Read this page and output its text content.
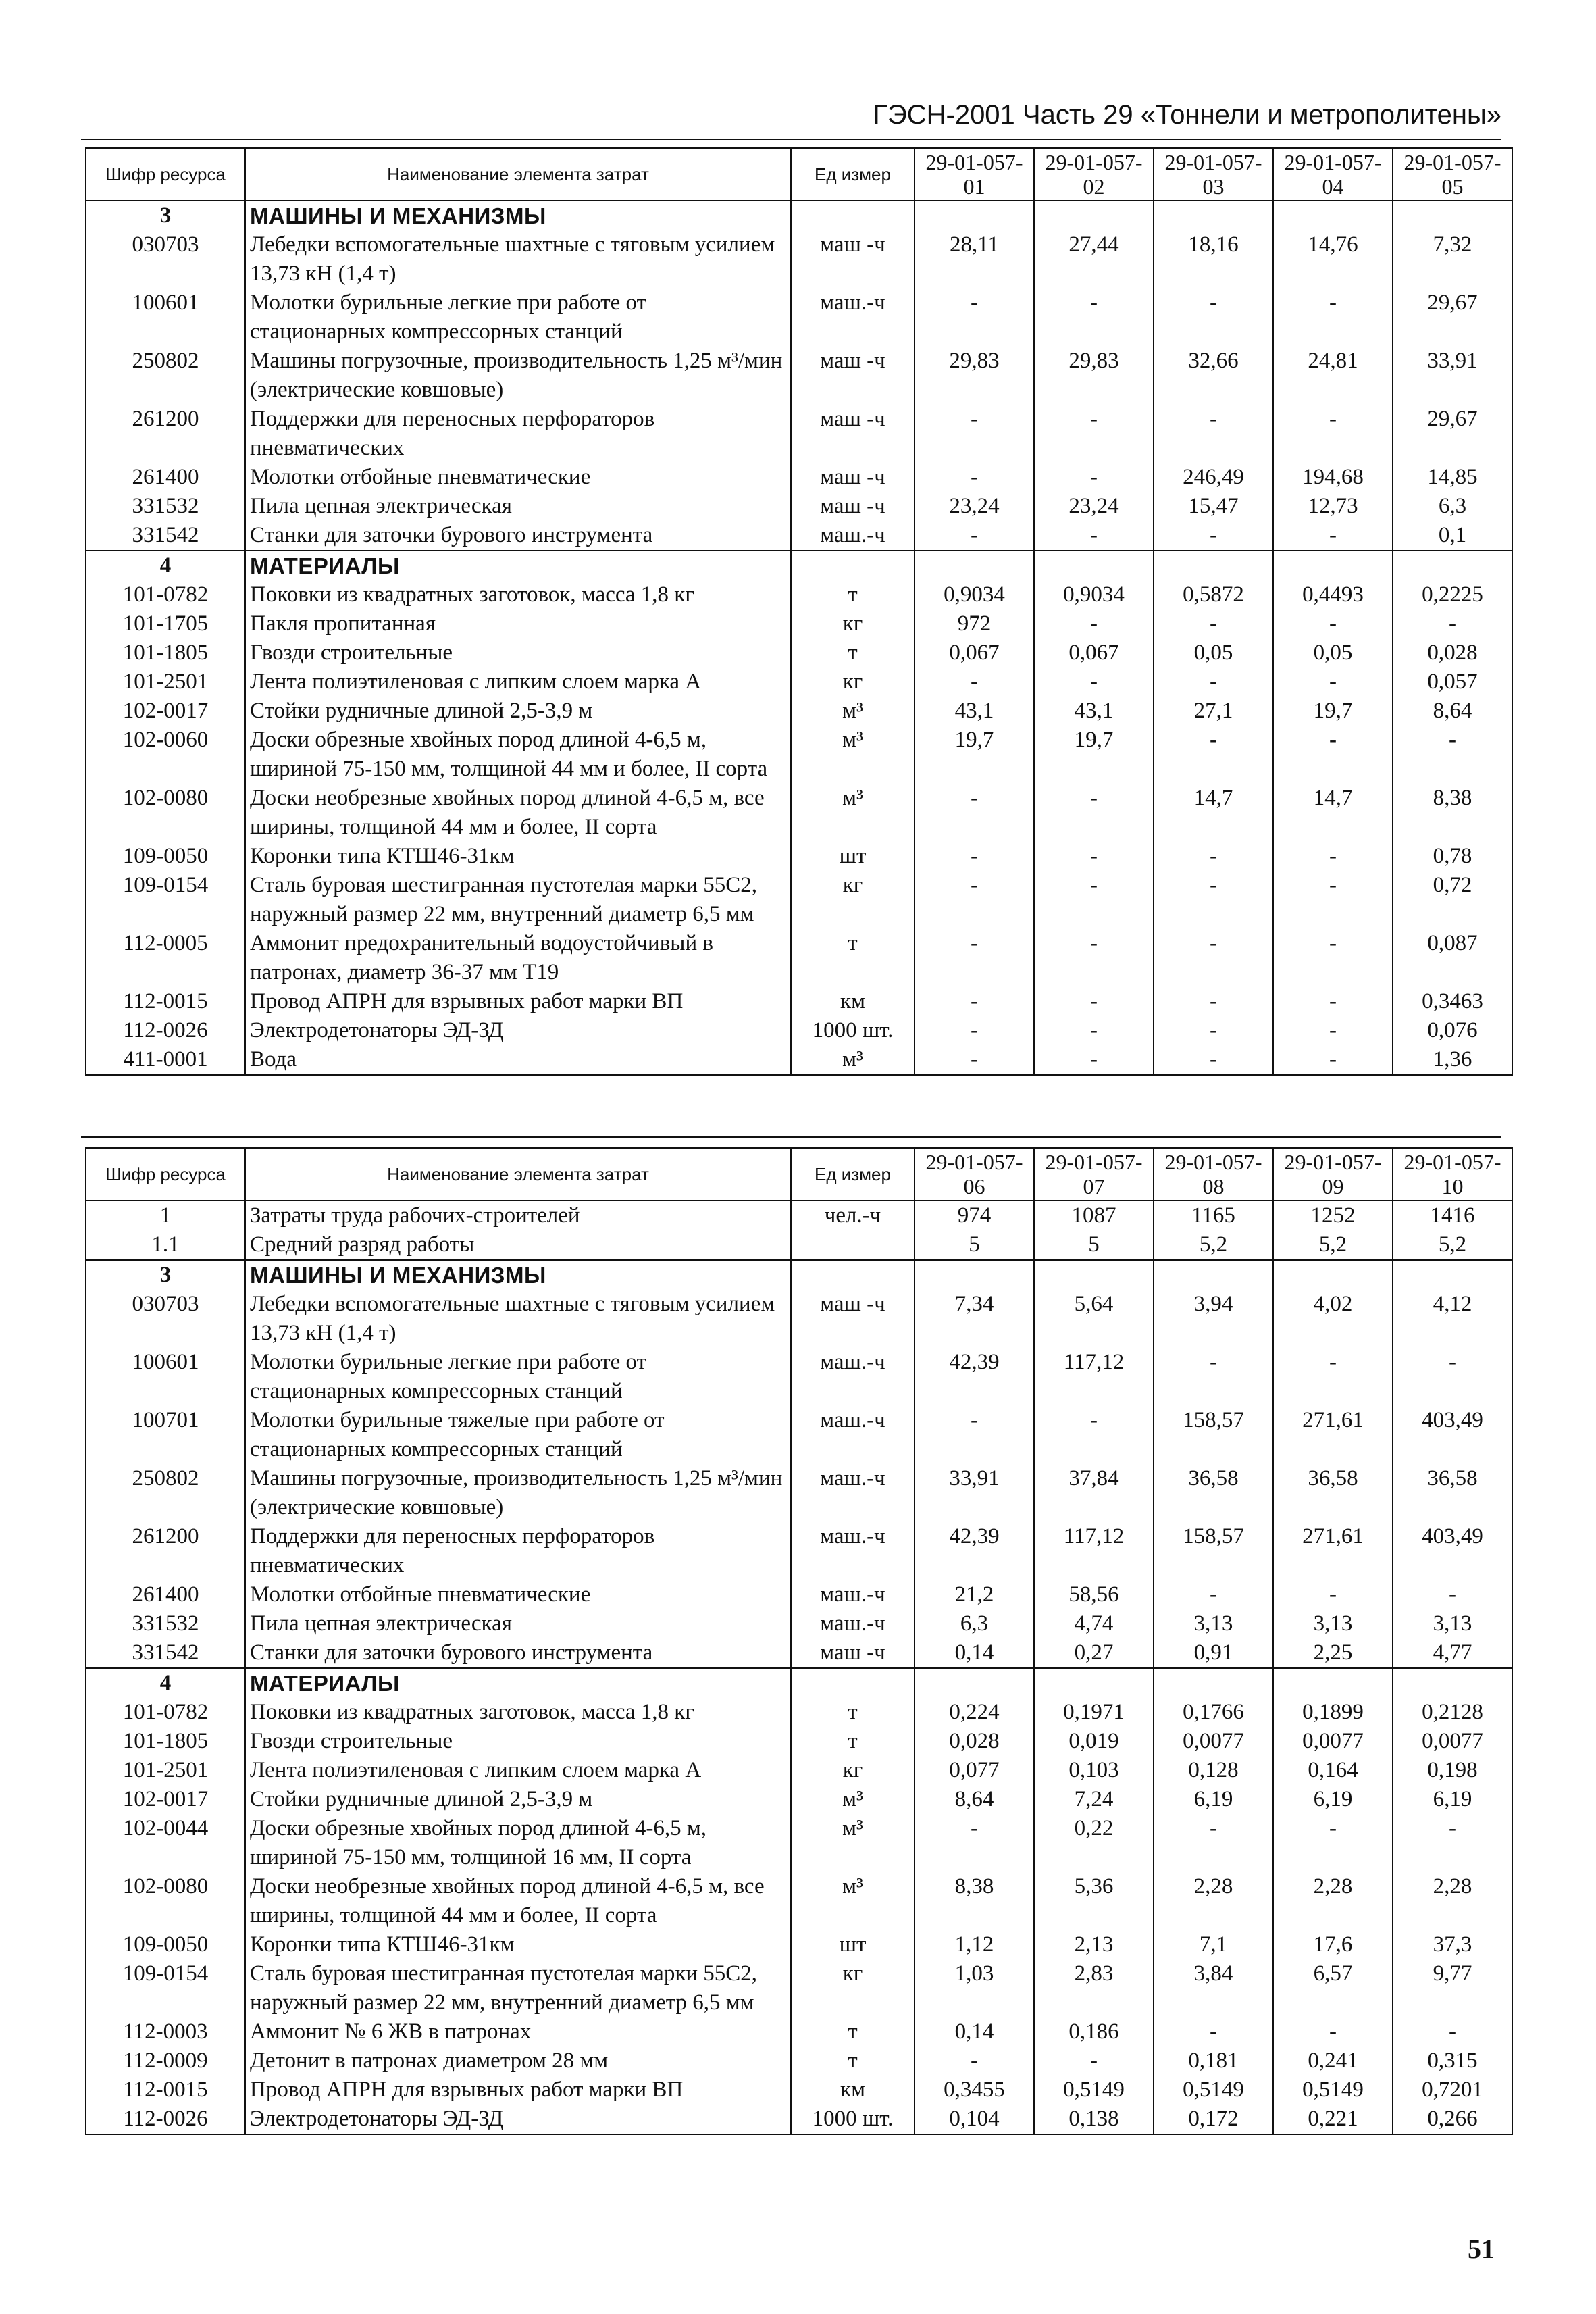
ГЭСН-2001 Часть 29 «Тоннели и метрополитены»
Шифр ресурса	Наименование элемента затрат	Ед измер	29-01-057-01	29-01-057-02	29-01-057-03	29-01-057-04	29-01-057-05
3	МАШИНЫ И МЕХАНИЗМЫ						
030703	Лебедки вспомогательные шахтные с тяговым усилием 13,73 кН (1,4 т)	маш -ч	28,11	27,44	18,16	14,76	7,32
100601	Молотки бурильные легкие при работе от стационарных компрессорных станций	маш.-ч	-	-	-	-	29,67
250802	Машины погрузочные, производительность 1,25 м³/мин (электрические ковшовые)	маш -ч	29,83	29,83	32,66	24,81	33,91
261200	Поддержки для переносных перфораторов пневматических	маш -ч	-	-	-	-	29,67
261400	Молотки отбойные пневматические	маш -ч	-	-	246,49	194,68	14,85
331532	Пила цепная электрическая	маш -ч	23,24	23,24	15,47	12,73	6,3
331542	Станки для заточки бурового инструмента	маш.-ч	-	-	-	-	0,1
4	МАТЕРИАЛЫ						
101-0782	Поковки из квадратных заготовок, масса 1,8 кг	т	0,9034	0,9034	0,5872	0,4493	0,2225
101-1705	Пакля пропитанная	кг	972	-	-	-	-
101-1805	Гвозди строительные	т	0,067	0,067	0,05	0,05	0,028
101-2501	Лента полиэтиленовая с липким слоем марка А	кг	-	-	-	-	0,057
102-0017	Стойки рудничные длиной 2,5-3,9 м	м³	43,1	43,1	27,1	19,7	8,64
102-0060	Доски обрезные хвойных пород длиной 4-6,5 м, шириной 75-150 мм, толщиной 44 мм и более, II сорта	м³	19,7	19,7	-	-	-
102-0080	Доски необрезные хвойных пород длиной 4-6,5 м, все ширины, толщиной 44 мм и более, II сорта	м³	-	-	14,7	14,7	8,38
109-0050	Коронки типа КТШ46-31км	шт	-	-	-	-	0,78
109-0154	Сталь буровая шестигранная пустотелая марки 55С2, наружный размер 22 мм, внутренний диаметр 6,5 мм	кг	-	-	-	-	0,72
112-0005	Аммонит предохранительный водоустойчивый в патронах, диаметр 36-37 мм Т19	т	-	-	-	-	0,087
112-0015	Провод АПРН для взрывных работ марки ВП	км	-	-	-	-	0,3463
112-0026	Электродетонаторы ЭД-ЗД	1000 шт.	-	-	-	-	0,076
411-0001	Вода	м³	-	-	-	-	1,36
Шифр ресурса	Наименование элемента затрат	Ед измер	29-01-057-06	29-01-057-07	29-01-057-08	29-01-057-09	29-01-057-10
1	Затраты труда рабочих-строителей	чел.-ч	974	1087	1165	1252	1416
1.1	Средний разряд работы		5	5	5,2	5,2	5,2
3	МАШИНЫ И МЕХАНИЗМЫ						
030703	Лебедки вспомогательные шахтные с тяговым усилием 13,73 кН (1,4 т)	маш -ч	7,34	5,64	3,94	4,02	4,12
100601	Молотки бурильные легкие при работе от стационарных компрессорных станций	маш.-ч	42,39	117,12	-	-	-
100701	Молотки бурильные тяжелые при работе от стационарных компрессорных станций	маш.-ч	-	-	158,57	271,61	403,49
250802	Машины погрузочные, производительность 1,25 м³/мин (электрические ковшовые)	маш.-ч	33,91	37,84	36,58	36,58	36,58
261200	Поддержки для переносных перфораторов пневматических	маш.-ч	42,39	117,12	158,57	271,61	403,49
261400	Молотки отбойные пневматические	маш.-ч	21,2	58,56	-	-	-
331532	Пила цепная электрическая	маш.-ч	6,3	4,74	3,13	3,13	3,13
331542	Станки для заточки бурового инструмента	маш -ч	0,14	0,27	0,91	2,25	4,77
4	МАТЕРИАЛЫ						
101-0782	Поковки из квадратных заготовок, масса 1,8 кг	т	0,224	0,1971	0,1766	0,1899	0,2128
101-1805	Гвозди строительные	т	0,028	0,019	0,0077	0,0077	0,0077
101-2501	Лента полиэтиленовая с липким слоем марка А	кг	0,077	0,103	0,128	0,164	0,198
102-0017	Стойки рудничные длиной 2,5-3,9 м	м³	8,64	7,24	6,19	6,19	6,19
102-0044	Доски обрезные хвойных пород длиной 4-6,5 м, шириной 75-150 мм, толщиной 16 мм, II сорта	м³	-	0,22	-	-	-
102-0080	Доски необрезные хвойных пород длиной 4-6,5 м, все ширины, толщиной 44 мм и более, II сорта	м³	8,38	5,36	2,28	2,28	2,28
109-0050	Коронки типа КТШ46-31км	шт	1,12	2,13	7,1	17,6	37,3
109-0154	Сталь буровая шестигранная пустотелая марки 55С2, наружный размер 22 мм, внутренний диаметр 6,5 мм	кг	1,03	2,83	3,84	6,57	9,77
112-0003	Аммонит № 6 ЖВ в патронах	т	0,14	0,186	-	-	-
112-0009	Детонит в патронах диаметром 28 мм	т	-	-	0,181	0,241	0,315
112-0015	Провод АПРН для взрывных работ марки ВП	км	0,3455	0,5149	0,5149	0,5149	0,7201
112-0026	Электродетонаторы ЭД-ЗД	1000 шт.	0,104	0,138	0,172	0,221	0,266
51
